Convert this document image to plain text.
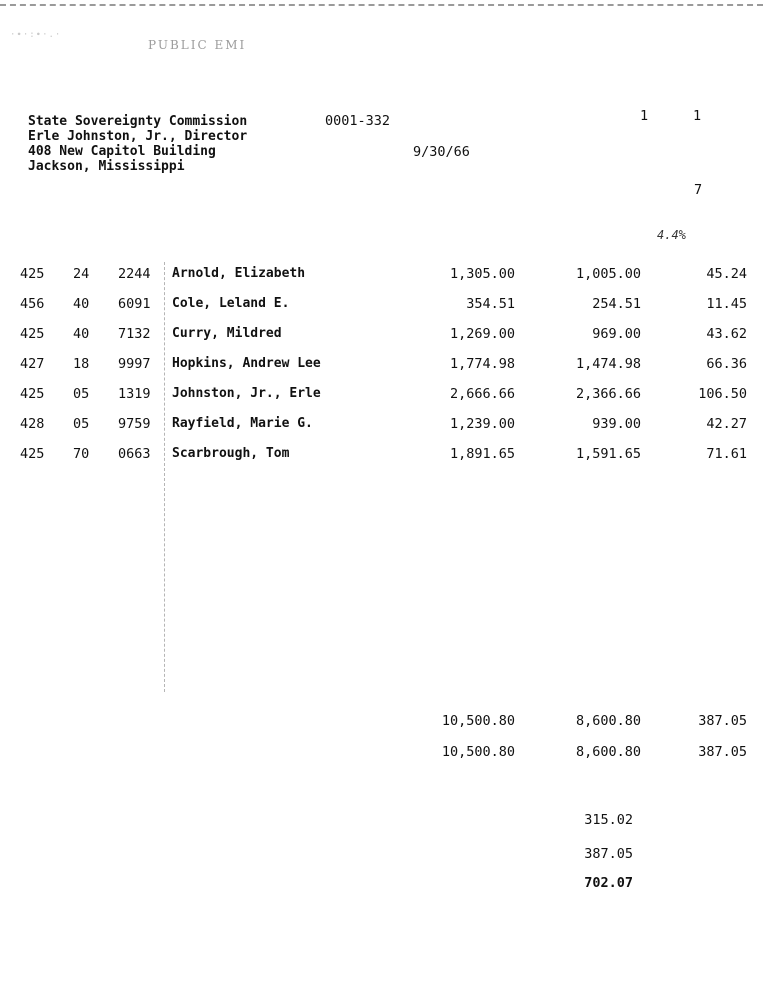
·∙·:∙·.·
PUBLIC EMI
State Sovereignty Commission
Erle Johnston, Jr., Director
408 New Capitol Building
Jackson, Mississippi
0001-332
9/30/66
1	1
7
4.4%
425 24 2244 Arnold, Elizabeth	1,305.00	1,005.00	45.24
456 40 6091 Cole, Leland E.	354.51	254.51	11.45
425 40 7132 Curry, Mildred	1,269.00	969.00	43.62
427 18 9997 Hopkins, Andrew Lee	1,774.98	1,474.98	66.36
425 05 1319 Johnston, Jr., Erle	2,666.66	2,366.66	106.50
428 05 9759 Rayfield, Marie G.	1,239.00	939.00	42.27
425 70 0663 Scarbrough, Tom	1,891.65	1,591.65	71.61
10,500.80	8,600.80	387.05
10,500.80	8,600.80	387.05
315.02
387.05
702.07
